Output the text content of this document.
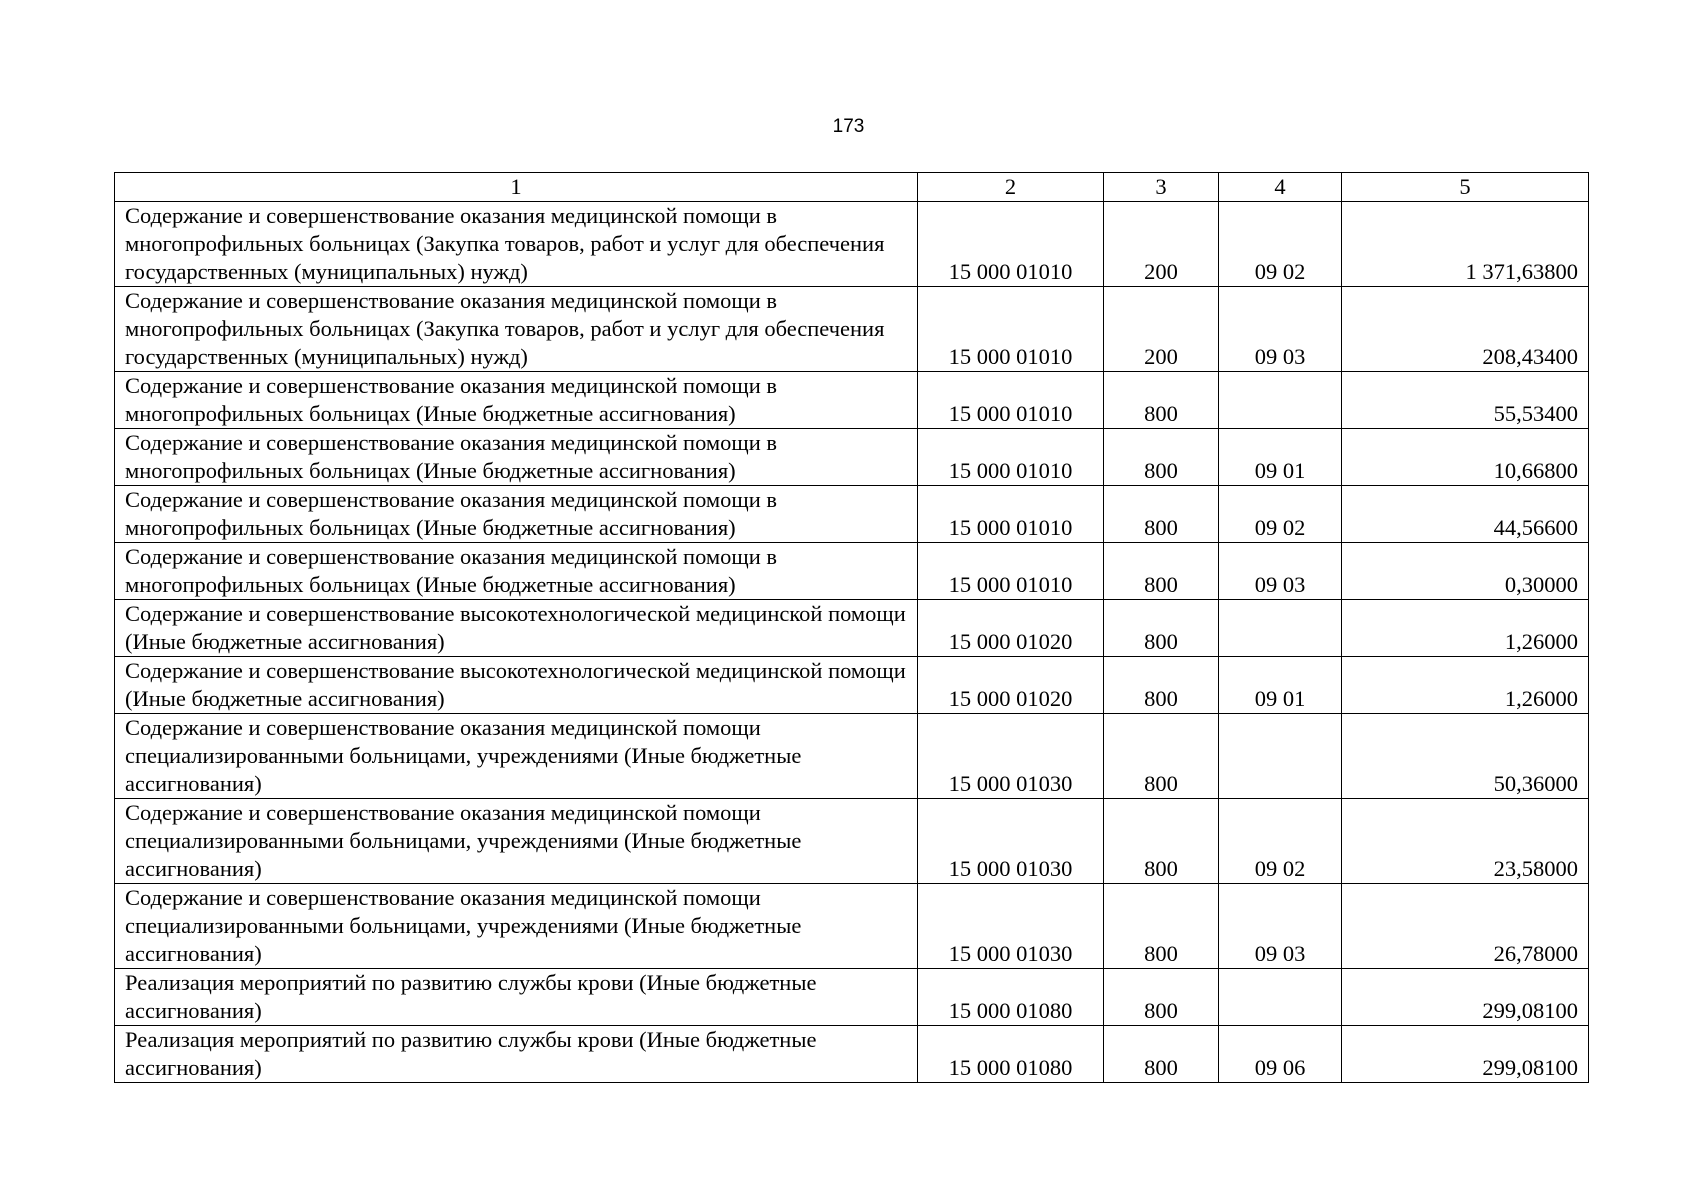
173
1	2	3	4	5
Содержание и совершенствование оказания медицинской помощи в многопрофильных больницах (Закупка товаров, работ и услуг для обеспечения государственных (муниципальных) нужд)	15 000 01010	200	09 02	1 371,63800
Содержание и совершенствование оказания медицинской помощи в многопрофильных больницах (Закупка товаров, работ и услуг для обеспечения государственных (муниципальных) нужд)	15 000 01010	200	09 03	208,43400
Содержание и совершенствование оказания медицинской помощи в многопрофильных больницах (Иные бюджетные ассигнования)	15 000 01010	800		55,53400
Содержание и совершенствование оказания медицинской помощи в многопрофильных больницах (Иные бюджетные ассигнования)	15 000 01010	800	09 01	10,66800
Содержание и совершенствование оказания медицинской помощи в многопрофильных больницах (Иные бюджетные ассигнования)	15 000 01010	800	09 02	44,56600
Содержание и совершенствование оказания медицинской помощи в многопрофильных больницах (Иные бюджетные ассигнования)	15 000 01010	800	09 03	0,30000
Содержание и совершенствование высокотехнологической медицинской помощи (Иные бюджетные ассигнования)	15 000 01020	800		1,26000
Содержание и совершенствование высокотехнологической медицинской помощи (Иные бюджетные ассигнования)	15 000 01020	800	09 01	1,26000
Содержание и совершенствование оказания медицинской помощи специализированными больницами, учреждениями (Иные бюджетные ассигнования)	15 000 01030	800		50,36000
Содержание и совершенствование оказания медицинской помощи специализированными больницами, учреждениями (Иные бюджетные ассигнования)	15 000 01030	800	09 02	23,58000
Содержание и совершенствование оказания медицинской помощи специализированными больницами, учреждениями (Иные бюджетные ассигнования)	15 000 01030	800	09 03	26,78000
Реализация мероприятий по развитию службы крови (Иные бюджетные ассигнования)	15 000 01080	800		299,08100
Реализация мероприятий по развитию службы крови (Иные бюджетные ассигнования)	15 000 01080	800	09 06	299,08100
